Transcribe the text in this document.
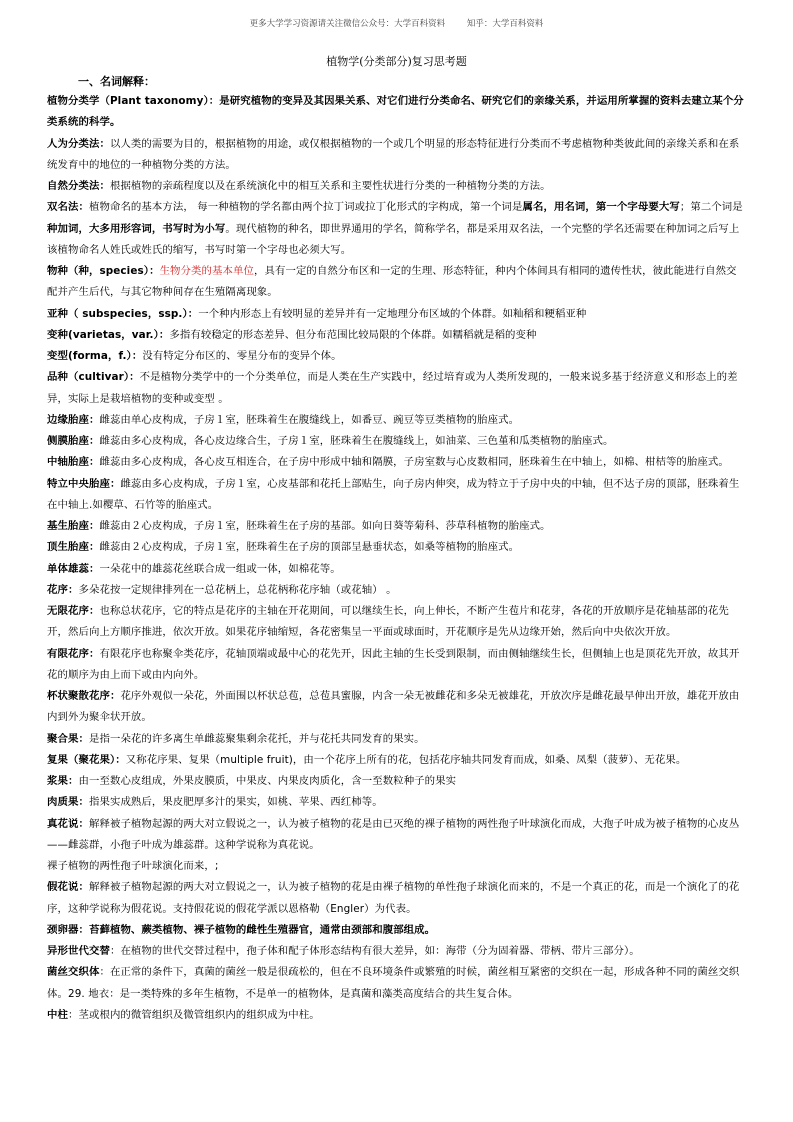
更多大学学习资源请关注微信公众号：大学百科资料	知乎：大学百科资料
植物学(分类部分)复习思考题
一、名词解释：

植物分类学（Plant taxonomy）：是研究植物的变异及其因果关系、对它们进行分类命名、研究它们的亲缘关系，并运用所掌握的资料去建立某个分类系统的科学。

人为分类法：以人类的需要为目的，根据植物的用途，或仅根据植物的一个或几个明显的形态特征进行分类而不考虑植物种类彼此间的亲缘关系和在系统发育中的地位的一种植物分类的方法。

自然分类法：根据植物的亲疏程度以及在系统演化中的相互关系和主要性状进行分类的一种植物分类的方法。

双名法：植物命名的基本方法， 每一种植物的学名都由两个拉丁词或拉丁化形式的字构成，第一个词是属名，用名词，第一个字母要大写；第二个词是种加词，大多用形容词，书写时为小写。现代植物的种名，即世界通用的学名，简称学名，都是采用双名法，一个完整的学名还需要在种加词之后写上该植物命名人姓氏或姓氏的缩写，书写时第一个字母也必须大写。

物种（种，species）：生物分类的基本单位，具有一定的自然分布区和一定的生理、形态特征，种内个体间具有相同的遗传性状，彼此能进行自然交配并产生后代，与其它物种间存在生殖隔离现象。

亚种（ subspecies，ssp.）：一个种内形态上有较明显的差异并有一定地理分布区域的个体群。如籼稻和粳稻亚种

变种(varietas，var.）：多指有较稳定的形态差异、但分布范围比较局限的个体群。如糯稻就是稻的变种

变型(forma，f.）：没有特定分布区的、零星分布的变异个体。

品种（cultivar）：不是植物分类学中的一个分类单位，而是人类在生产实践中，经过培育或为人类所发现的，一般来说多基于经济意义和形态上的差异，实际上是栽培植物的变种或变型 。

边缘胎座：雌蕊由单心皮构成，子房１室，胚珠着生在腹缝线上，如番豆、豌豆等豆类植物的胎座式。

侧膜胎座：雌蕊由多心皮构成，各心皮边缘合生，子房１室，胚珠着生在腹缝线上，如油菜、三色堇和瓜类植物的胎座式。

中轴胎座：雌蕊由多心皮构成，各心皮互相连合，在子房中形成中轴和隔膜，子房室数与心皮数相同，胚珠着生在中轴上，如棉、柑桔等的胎座式。

特立中央胎座：雌蕊由多心皮构成，子房１室，心皮基部和花托上部贴生，向子房内伸突，成为特立于子房中央的中轴，但不达子房的顶部，胚珠着生在中轴上.如樱草、石竹等的胎座式。

基生胎座：雌蕊由２心皮构成，子房１室，胚珠着生在子房的基部。如向日葵等菊科、莎草科植物的胎座式。

顶生胎座：雌蕊由２心皮构成，子房１室，胚珠着生在子房的顶部呈悬垂状态，如桑等植物的胎座式。

单体雄蕊：一朵花中的雄蕊花丝联合成一组或一体，如棉花等。

花序：多朵花按一定规律排列在一总花柄上，总花柄称花序轴（或花轴） 。

无限花序：也称总状花序，它的特点是花序的主轴在开花期间，可以继续生长，向上伸长，不断产生苞片和花芽，各花的开放顺序是花轴基部的花先开，然后向上方顺序推进，依次开放。如果花序轴缩短，各花密集呈一平面或球面时，开花顺序是先从边缘开始，然后向中央依次开放。

有限花序：有限花序也称聚伞类花序，花轴顶端或最中心的花先开，因此主轴的生长受到限制，而由侧轴继续生长，但侧轴上也是顶花先开放，故其开花的顺序为由上而下或由内向外。

杯状聚散花序：花序外观似一朵花，外面围以杯状总苞，总苞具蜜腺，内含一朵无被雌花和多朵无被雄花，开放次序是雌花最早伸出开放，雄花开放由内到外为聚伞状开放。

聚合果：是指一朵花的许多离生单雌蕊聚集剩余花托，并与花托共同发育的果实。

复果（聚花果）：又称花序果、复果（multiple fruit)，由一个花序上所有的花，包括花序轴共同发育而成，如桑、凤梨（菠萝）、无花果。

浆果：由一至数心皮组成，外果皮膜质，中果皮、内果皮肉质化，含一至数粒种子的果实

肉质果：指果实成熟后，果皮肥厚多汁的果实，如桃、苹果、西红柿等。

真花说：解释被子植物起源的两大对立假说之一，认为被子植物的花是由已灭绝的裸子植物的两性孢子叶球演化而成，大孢子叶成为被子植物的心皮丛——雌蕊群，小孢子叶成为雄蕊群。这种学说称为真花说。

裸子植物的两性孢子叶球演化而来，;

假花说：解释被子植物起源的两大对立假说之一，认为被子植物的花是由裸子植物的单性孢子球演化而来的，不是一个真正的花，而是一个演化了的花序，这种学说称为假花说。支持假花说的假花学派以恩格勒（Engler）为代表。

颈卵器：苔藓植物、蕨类植物、裸子植物的雌性生殖器官，通常由颈部和腹部组成。

异形世代交替：在植物的世代交替过程中，孢子体和配子体形态结构有很大差异，如：海带（分为固着器、带柄、带片三部分）。

菌丝交织体：在正常的条件下，真菌的菌丝一般是很疏松的，但在不良环境条件或繁殖的时候，菌丝相互紧密的交织在一起，形成各种不同的菌丝交织体。29. 地衣：是一类特殊的多年生植物，不是单一的植物体，是真菌和藻类高度结合的共生复合体。

中柱：茎或根内的微管组织及微管组织内的组织成为中柱。
